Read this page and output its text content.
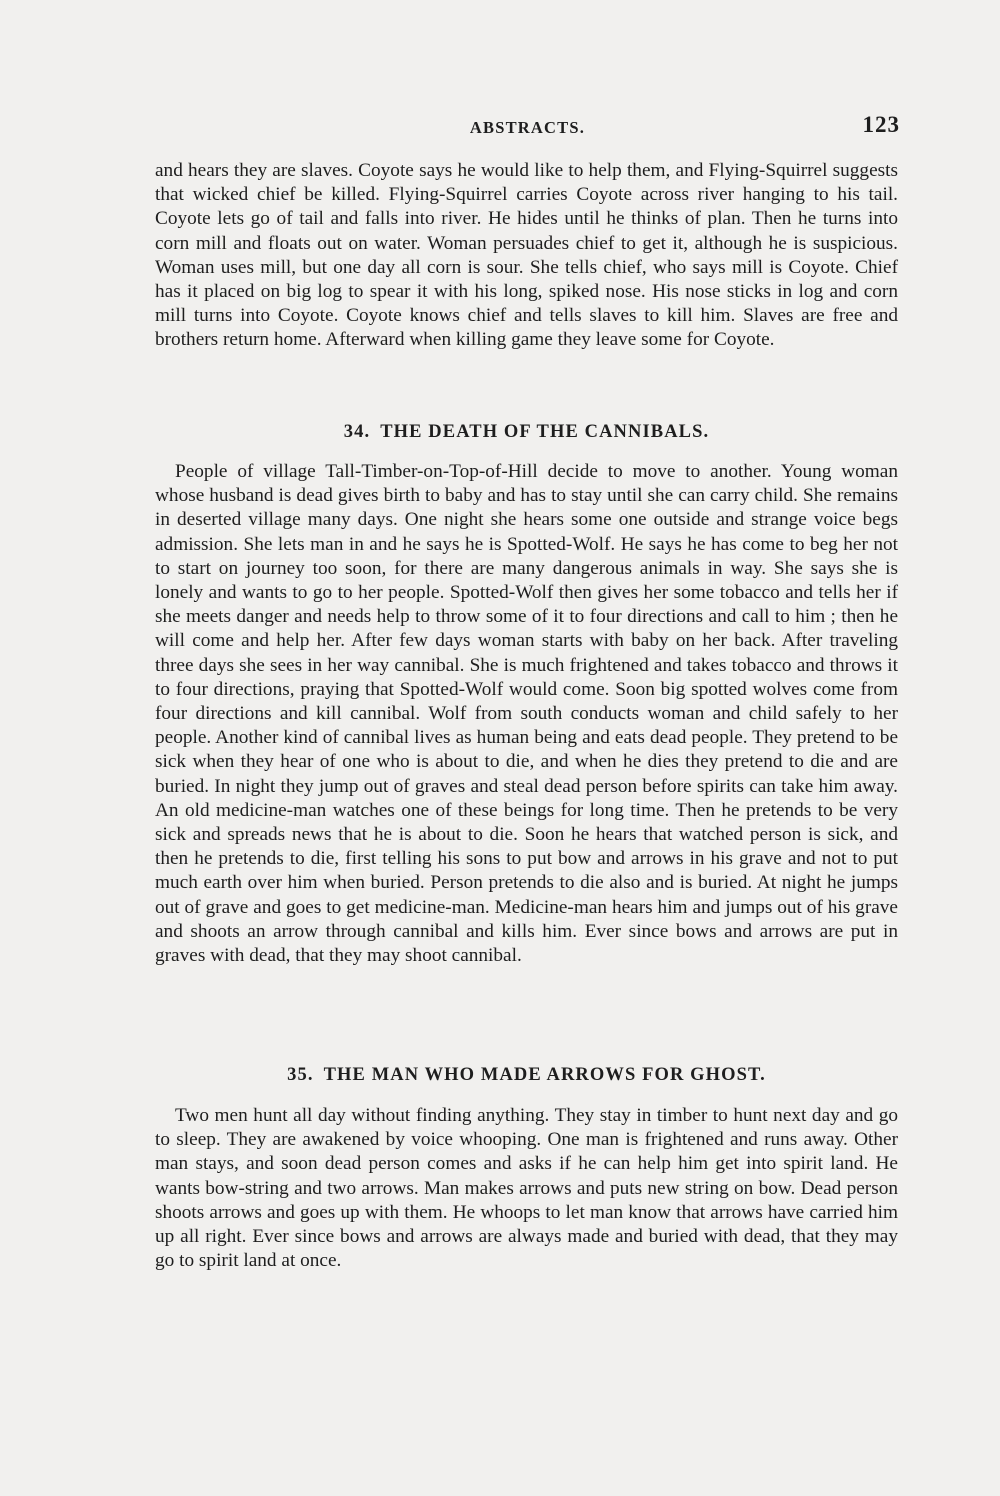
ABSTRACTS.	123

and hears they are slaves. Coyote says he would like to help them, and Flying-Squirrel suggests that wicked chief be killed. Flying-Squirrel carries Coyote across river hanging to his tail. Coyote lets go of tail and falls into river. He hides until he thinks of plan. Then he turns into corn mill and floats out on water. Woman persuades chief to get it, although he is suspicious. Woman uses mill, but one day all corn is sour. She tells chief, who says mill is Coyote. Chief has it placed on big log to spear it with his long, spiked nose. His nose sticks in log and corn mill turns into Coyote. Coyote knows chief and tells slaves to kill him. Slaves are free and brothers return home. Afterward when killing game they leave some for Coyote.

34. THE DEATH OF THE CANNIBALS.

People of village Tall-Timber-on-Top-of-Hill decide to move to another. Young woman whose husband is dead gives birth to baby and has to stay until she can carry child. She remains in deserted village many days. One night she hears some one outside and strange voice begs admission. She lets man in and he says he is Spotted-Wolf. He says he has come to beg her not to start on journey too soon, for there are many dangerous animals in way. She says she is lonely and wants to go to her people. Spotted-Wolf then gives her some tobacco and tells her if she meets danger and needs help to throw some of it to four directions and call to him ; then he will come and help her. After few days woman starts with baby on her back. After traveling three days she sees in her way cannibal. She is much frightened and takes tobacco and throws it to four directions, praying that Spotted-Wolf would come. Soon big spotted wolves come from four directions and kill cannibal. Wolf from south conducts woman and child safely to her people. Another kind of cannibal lives as human being and eats dead people. They pretend to be sick when they hear of one who is about to die, and when he dies they pretend to die and are buried. In night they jump out of graves and steal dead person before spirits can take him away. An old medicine-man watches one of these beings for long time. Then he pretends to be very sick and spreads news that he is about to die. Soon he hears that watched person is sick, and then he pretends to die, first telling his sons to put bow and arrows in his grave and not to put much earth over him when buried. Person pretends to die also and is buried. At night he jumps out of grave and goes to get medicine-man. Medicine-man hears him and jumps out of his grave and shoots an arrow through cannibal and kills him. Ever since bows and arrows are put in graves with dead, that they may shoot cannibal.

35. THE MAN WHO MADE ARROWS FOR GHOST.

Two men hunt all day without finding anything. They stay in timber to hunt next day and go to sleep. They are awakened by voice whooping. One man is frightened and runs away. Other man stays, and soon dead person comes and asks if he can help him get into spirit land. He wants bow-string and two arrows. Man makes arrows and puts new string on bow. Dead person shoots arrows and goes up with them. He whoops to let man know that arrows have carried him up all right. Ever since bows and arrows are always made and buried with dead, that they may go to spirit land at once.
